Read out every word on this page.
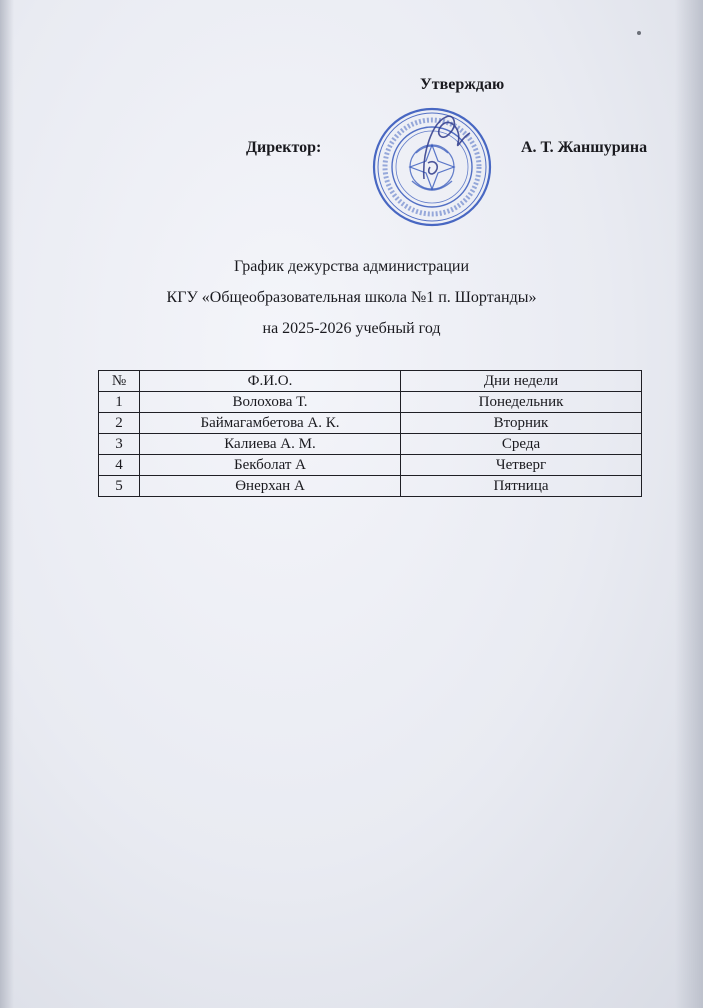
Утверждаю
Директор:	А. Т. Жаншурина
График дежурства администрации
КГУ «Общеобразовательная школа №1 п. Шортанды»
на 2025-2026 учебный год
№	Ф.И.О.	Дни недели
1	Волохова Т.	Понедельник
2	Баймагамбетова А. К.	Вторник
3	Калиева А. М.	Среда
4	Бекболат А	Четверг
5	Өнерхан А	Пятница
